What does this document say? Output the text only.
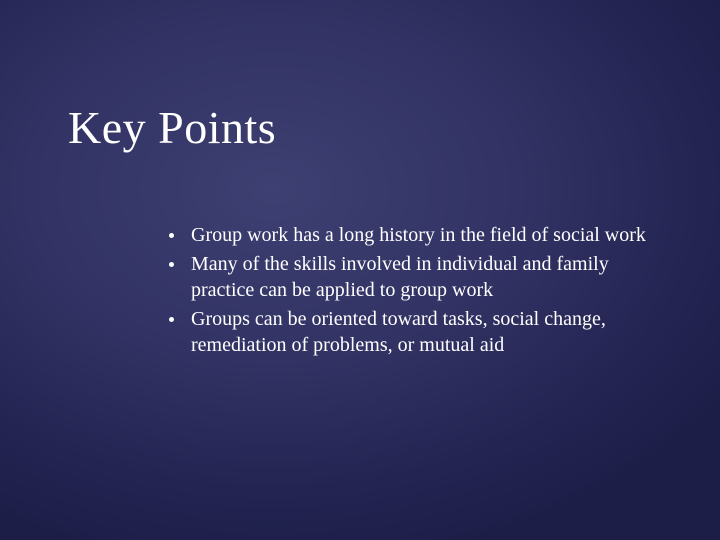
Key Points
Group work has a long history in the field of social work
Many of the skills involved in individual and family practice can be applied to group work
Groups can be oriented toward tasks, social change, remediation of problems, or mutual aid
